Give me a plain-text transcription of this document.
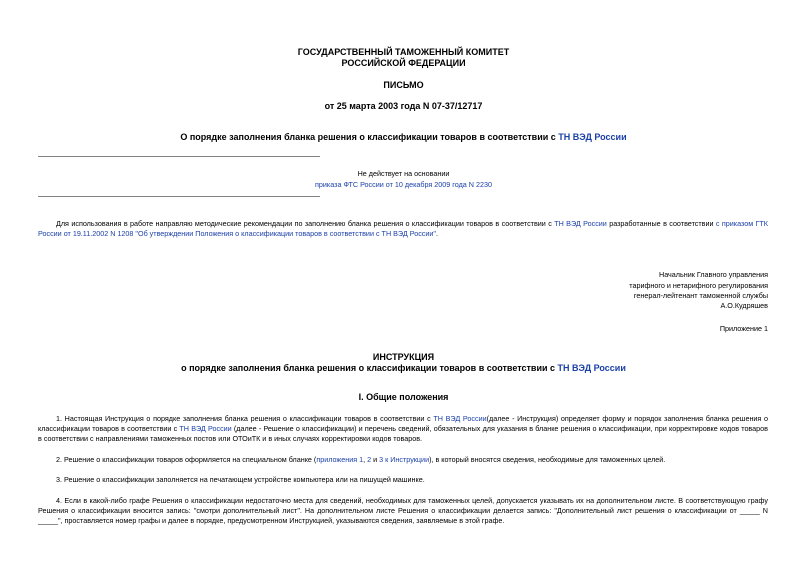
ГОСУДАРСТВЕННЫЙ ТАМОЖЕННЫЙ КОМИТЕТ
РОССИЙСКОЙ ФЕДЕРАЦИИ
ПИСЬМО
от 25 марта 2003 года N 07-37/12717
О порядке заполнения бланка решения о классификации товаров в соответствии с ТН ВЭД России
Не действует на основании
приказа ФТС России от 10 декабря 2009 года N 2230
Для использования в работе направляю методические рекомендации по заполнению бланка решения о классификации товаров в соответствии с ТН ВЭД России разработанные в соответствии с приказом ГТК России от 19.11.2002 N 1208 "Об утверждении Положения о классификации товаров в соответствии с ТН ВЭД России".
Начальник Главного управления
тарифного и нетарифного регулирования
генерал-лейтенант таможенной службы
А.О.Кудряшев
Приложение 1
ИНСТРУКЦИЯ
о порядке заполнения бланка решения о классификации товаров в соответствии с ТН ВЭД России
I. Общие положения
1. Настоящая Инструкция о порядке заполнения бланка решения о классификации товаров в соответствии с ТН ВЭД России(далее - Инструкция) определяет форму и порядок заполнения бланка решения о классификации товаров в соответствии с ТН ВЭД России (далее - Решение о классификации) и перечень сведений, обязательных для указания в бланке решения о классификации, при корректировке кодов товаров в соответствии с направлениями таможенных постов или ОТОиТК и в иных случаях корректировки кодов товаров.
2. Решение о классификации товаров оформляется на специальном бланке (приложения 1, 2 и 3 к Инструкции), в который вносятся сведения, необходимые для таможенных целей.
3. Решение о классификации заполняется на печатающем устройстве компьютера или на пишущей машинке.
4. Если в какой-либо графе Решения о классификации недостаточно места для сведений, необходимых для таможенных целей, допускается указывать их на дополнительном листе. В соответствующую графу Решения о классификации вносится запись: "смотри дополнительный лист". На дополнительном листе Решения о классификации делается запись: "Дополнительный лист решения о классификации от _____ N _____", проставляется номер графы и далее в порядке, предусмотренном Инструкцией, указываются сведения, заявляемые в этой графе.
